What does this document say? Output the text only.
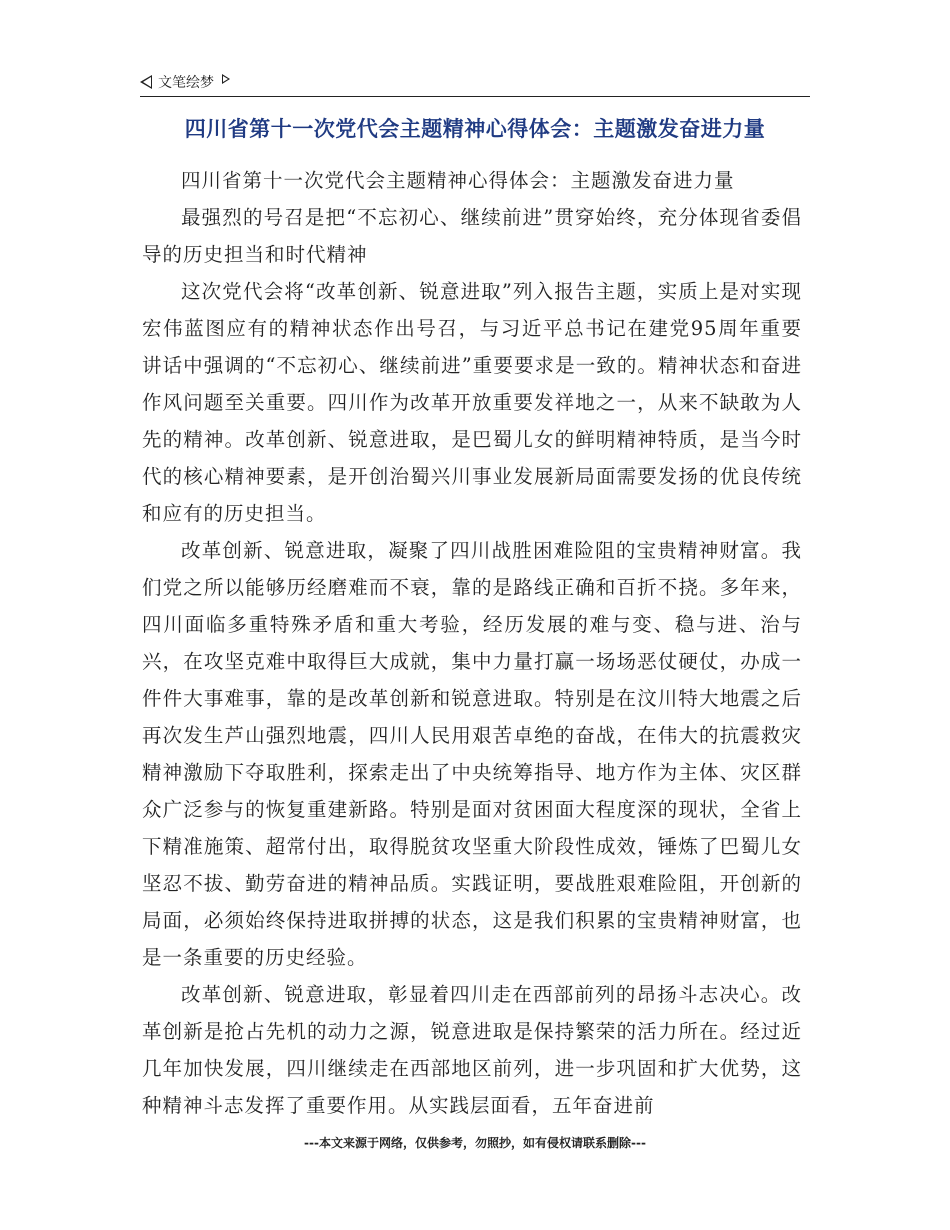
文笔绘梦
四川省第十一次党代会主题精神心得体会：主题激发奋进力量

四川省第十一次党代会主题精神心得体会：主题激发奋进力量

最强烈的号召是把“不忘初心、继续前进”贯穿始终，充分体现省委倡导的历史担当和时代精神

这次党代会将“改革创新、锐意进取”列入报告主题，实质上是对实现宏伟蓝图应有的精神状态作出号召，与习近平总书记在建党95周年重要讲话中强调的“不忘初心、继续前进”重要要求是一致的。精神状态和奋进作风问题至关重要。四川作为改革开放重要发祥地之一，从来不缺敢为人先的精神。改革创新、锐意进取，是巴蜀儿女的鲜明精神特质，是当今时代的核心精神要素，是开创治蜀兴川事业发展新局面需要发扬的优良传统和应有的历史担当。

改革创新、锐意进取，凝聚了四川战胜困难险阻的宝贵精神财富。我们党之所以能够历经磨难而不衰，靠的是路线正确和百折不挠。多年来，四川面临多重特殊矛盾和重大考验，经历发展的难与变、稳与进、治与兴，在攻坚克难中取得巨大成就，集中力量打赢一场场恶仗硬仗，办成一件件大事难事，靠的是改革创新和锐意进取。特别是在汶川特大地震之后再次发生芦山强烈地震，四川人民用艰苦卓绝的奋战，在伟大的抗震救灾精神激励下夺取胜利，探索走出了中央统筹指导、地方作为主体、灾区群众广泛参与的恢复重建新路。特别是面对贫困面大程度深的现状，全省上下精准施策、超常付出，取得脱贫攻坚重大阶段性成效，锤炼了巴蜀儿女坚忍不拔、勤劳奋进的精神品质。实践证明，要战胜艰难险阻，开创新的局面，必须始终保持进取拼搏的状态，这是我们积累的宝贵精神财富，也是一条重要的历史经验。

改革创新、锐意进取，彰显着四川走在西部前列的昂扬斗志决心。改革创新是抢占先机的动力之源，锐意进取是保持繁荣的活力所在。经过近几年加快发展，四川继续走在西部地区前列，进一步巩固和扩大优势，这种精神斗志发挥了重要作用。从实践层面看，五年奋进前

---本文来源于网络，仅供参考，勿照抄，如有侵权请联系删除---
